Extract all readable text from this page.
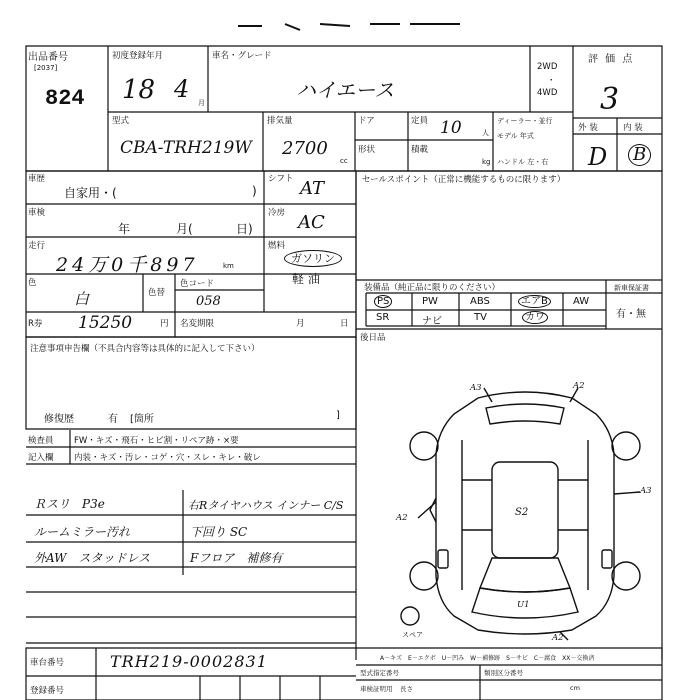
出品番号
[2037]
824
初度登録年月
18 4 月
車名・グレード
ハイエース
2WD
・
4WD
評 価 点
3
外 装	内 装
D B
型式
CBA-TRH219W
排気量
2700
cc
ドア	定員 10	人
形状	積載
kg
ディーラー・並行
モデル 年式
ハンドル 左・右
車歴
自家用・(	)
シフト AT
車検
年	月(	日)
冷房 AC
走行
24万0千897	km
燃料
ガソリン
軽 油
色
白	色替
色コード
058
R券 15250	円 名変期限	月	日
注意事項申告欄（不具合内容等は具体的に記入して下さい）
修復歴	有 [箇所	]
検査員 FW・キズ・飛石・ヒビ割・リペア跡・×要
記入欄 内装・キズ・汚レ・コゲ・穴・スレ・キレ・破レ
Ｒスリ　P3e
ルームミラー汚れ
外AW　スタッドレス
右Rタイヤハウス インナー C/S
下回り SC
Fフロア　補修有
セールスポイント（正常に機能するものに限ります）
装備品（純正品に限りのください）	新車保証書
有・無
PS	PW	ABS	エアB	AW
SR	ナビ	TV	カワ
後日品
A3	A2
A3
A2	S2
U1
A2
スペア
A－キズ　E－エクボ　U－凹み　W－補修跡　S－サビ　C－腐食　XX－交換済
車台番号	TRH219-0002831
登録番号
型式指定番号	類別区分番号
車検証明用 長さ	cm
